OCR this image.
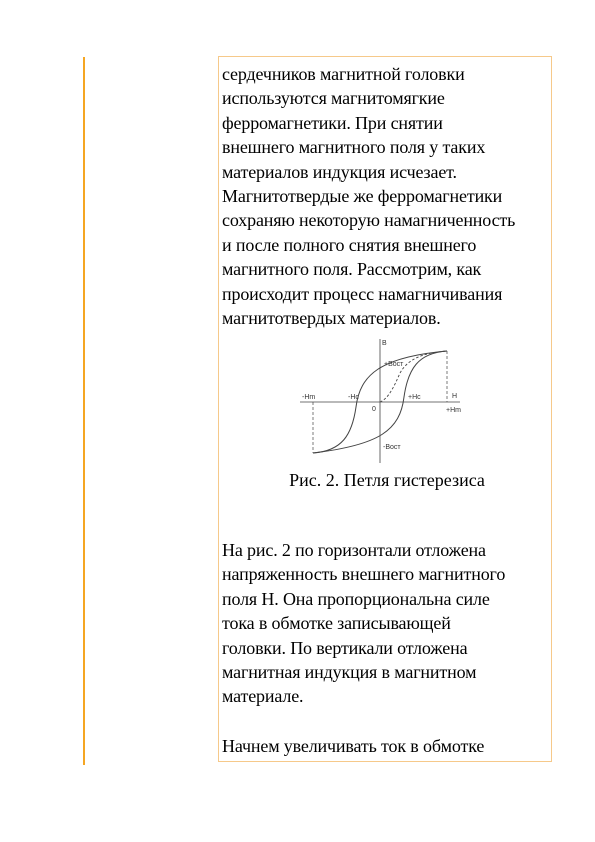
сердечников магнитной головки
используются магнитомягкие
ферромагнетики. При снятии
внешнего магнитного поля у таких
материалов индукция исчезает.
Магнитотвердые же ферромагнетики
сохраняю некоторую намагниченность
и после полного снятия внешнего
магнитного поля. Рассмотрим, как
происходит процесс намагничивания
магнитотвердых материалов.
B
H
+Bост
-Bост
-Hm
+Hm
-Hc	+Hc
0

Рис. 2. Петля гистерезиса

На рис. 2 по горизонтали отложена
напряженность внешнего магнитного
поля Н. Она пропорциональна силе
тока в обмотке записывающей
головки. По вертикали отложена
магнитная индукция в магнитном
материале.
Начнем увеличивать ток в обмотке
